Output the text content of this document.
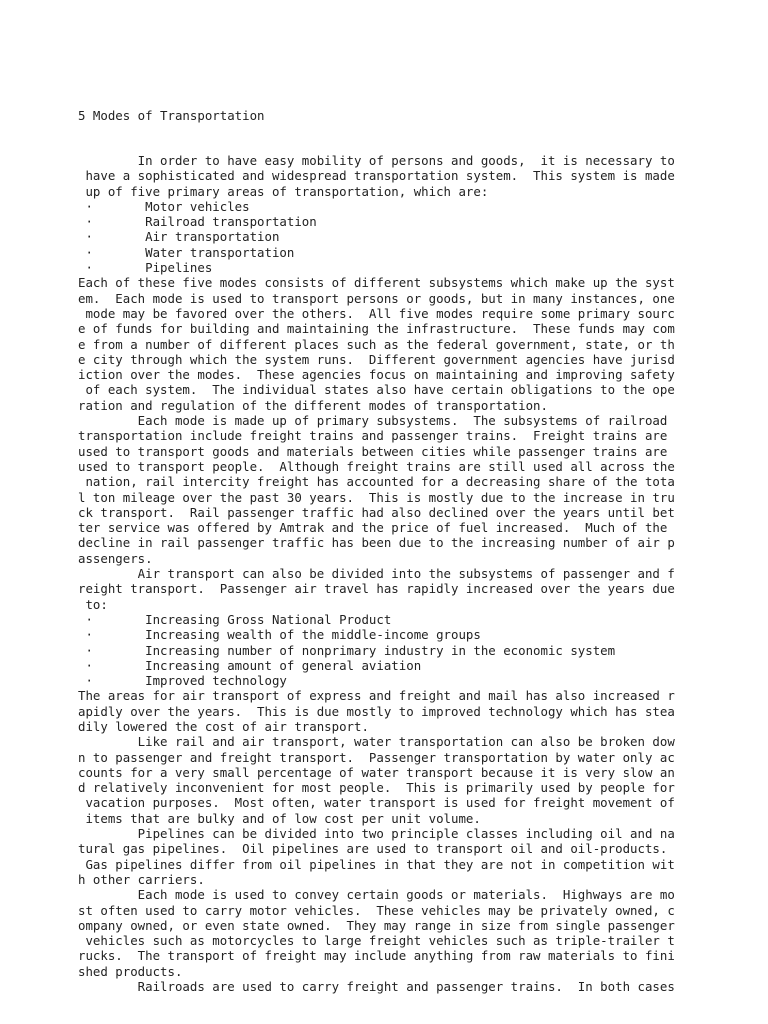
5 Modes of Transportation
In order to have easy mobility of persons and goods,  it is necessary to
have a sophisticated and widespread transportation system.  This system is made
up of five primary areas of transportation, which are:
·       Motor vehicles
·       Railroad transportation
·       Air transportation
·       Water transportation
·       Pipelines
Each of these five modes consists of different subsystems which make up the syst
em.  Each mode is used to transport persons or goods, but in many instances, one
mode may be favored over the others.  All five modes require some primary sourc
e of funds for building and maintaining the infrastructure.  These funds may com
e from a number of different places such as the federal government, state, or th
e city through which the system runs.  Different government agencies have jurisd
iction over the modes.  These agencies focus on maintaining and improving safety
of each system.  The individual states also have certain obligations to the ope
ration and regulation of the different modes of transportation.
Each mode is made up of primary subsystems.  The subsystems of railroad
transportation include freight trains and passenger trains.  Freight trains are
used to transport goods and materials between cities while passenger trains are
used to transport people.  Although freight trains are still used all across the
nation, rail intercity freight has accounted for a decreasing share of the tota
l ton mileage over the past 30 years.  This is mostly due to the increase in tru
ck transport.  Rail passenger traffic had also declined over the years until bet
ter service was offered by Amtrak and the price of fuel increased.  Much of the
decline in rail passenger traffic has been due to the increasing number of air p
assengers.
Air transport can also be divided into the subsystems of passenger and f
reight transport.  Passenger air travel has rapidly increased over the years due
to:
·       Increasing Gross National Product
·       Increasing wealth of the middle-income groups
·       Increasing number of nonprimary industry in the economic system
·       Increasing amount of general aviation
·       Improved technology
The areas for air transport of express and freight and mail has also increased r
apidly over the years.  This is due mostly to improved technology which has stea
dily lowered the cost of air transport.
Like rail and air transport, water transportation can also be broken dow
n to passenger and freight transport.  Passenger transportation by water only ac
counts for a very small percentage of water transport because it is very slow an
d relatively inconvenient for most people.  This is primarily used by people for
vacation purposes.  Most often, water transport is used for freight movement of
items that are bulky and of low cost per unit volume.
Pipelines can be divided into two principle classes including oil and na
tural gas pipelines.  Oil pipelines are used to transport oil and oil-products.
Gas pipelines differ from oil pipelines in that they are not in competition wit
h other carriers.
Each mode is used to convey certain goods or materials.  Highways are mo
st often used to carry motor vehicles.  These vehicles may be privately owned, c
ompany owned, or even state owned.  They may range in size from single passenger
vehicles such as motorcycles to large freight vehicles such as triple-trailer t
rucks.  The transport of freight may include anything from raw materials to fini
shed products.
Railroads are used to carry freight and passenger trains.  In both cases
